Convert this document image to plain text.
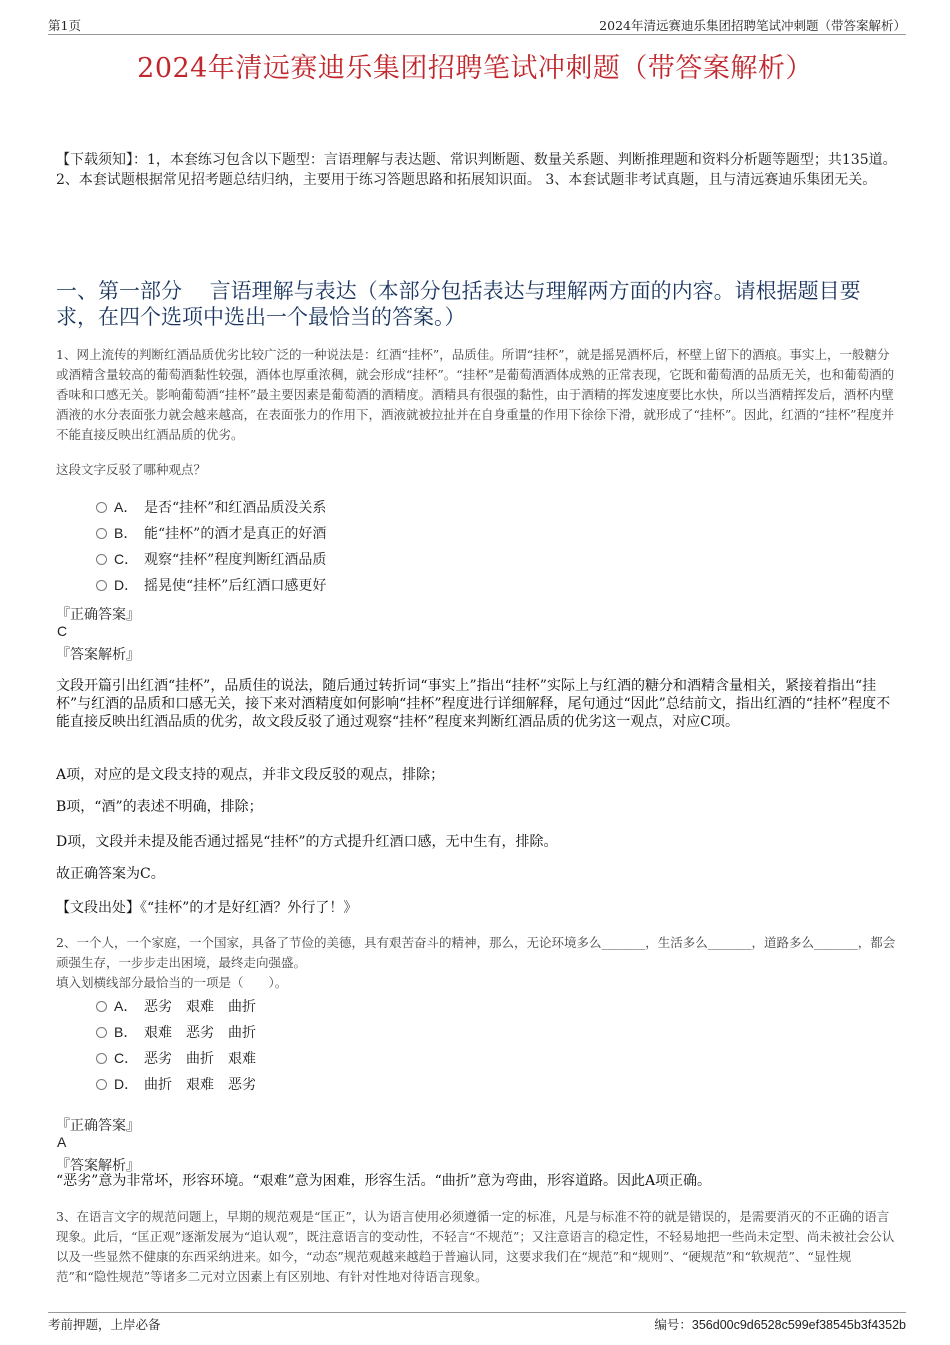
第1页	2024年清远赛迪乐集团招聘笔试冲刺题（带答案解析）
2024年清远赛迪乐集团招聘笔试冲刺题（带答案解析）
【下载须知】：1，本套练习包含以下题型：言语理解与表达题、常识判断题、数量关系题、判断推理题和资料分析题等题型；共135道。 2、本套试题根据常见招考题总结归纳，主要用于练习答题思路和拓展知识面。 3、本套试题非考试真题，且与清远赛迪乐集团无关。
一、第一部分　 言语理解与表达（本部分包括表达与理解两方面的内容。请根据题目要求，在四个选项中选出一个最恰当的答案。）
1、网上流传的判断红酒品质优劣比较广泛的一种说法是：红酒“挂杯”，品质佳。所谓“挂杯”，就是摇晃酒杯后，杯壁上留下的酒痕。事实上，一般糖分或酒精含量较高的葡萄酒黏性较强，酒体也厚重浓稠，就会形成“挂杯”。“挂杯”是葡萄酒酒体成熟的正常表现，它既和葡萄酒的品质无关，也和葡萄酒的香味和口感无关。影响葡萄酒“挂杯”最主要因素是葡萄酒的酒精度。酒精具有很强的黏性，由于酒精的挥发速度要比水快，所以当酒精挥发后，酒杯内壁酒液的水分表面张力就会越来越高，在表面张力的作用下，酒液就被拉扯并在自身重量的作用下徐徐下滑，就形成了“挂杯”。因此，红酒的“挂杯”程度并不能直接反映出红酒品质的优劣。
这段文字反驳了哪种观点？
A． 是否“挂杯”和红酒品质没关系
B． 能“挂杯”的酒才是真正的好酒
C． 观察“挂杯”程度判断红酒品质
D． 摇晃使“挂杯”后红酒口感更好
『正确答案』
C
『答案解析』
文段开篇引出红酒“挂杯”，品质佳的说法，随后通过转折词“事实上”指出“挂杯”实际上与红酒的糖分和酒精含量相关，紧接着指出“挂杯”与红酒的品质和口感无关，接下来对酒精度如何影响“挂杯”程度进行详细解释，尾句通过“因此”总结前文，指出红酒的“挂杯”程度不能直接反映出红酒品质的优劣，故文段反驳了通过观察“挂杯”程度来判断红酒品质的优劣这一观点，对应C项。
A项，对应的是文段支持的观点，并非文段反驳的观点，排除；
B项，“酒”的表述不明确，排除；
D项，文段并未提及能否通过摇晃“挂杯”的方式提升红酒口感，无中生有，排除。
故正确答案为C。
【文段出处】《“挂杯”的才是好红酒？外行了！》
2、一个人，一个家庭，一个国家，具备了节俭的美德，具有艰苦奋斗的精神，那么，无论环境多么_______，生活多么_______，道路多么_______，都会顽强生存，一步步走出困境，最终走向强盛。
填入划横线部分最恰当的一项是（　　）。
A． 恶劣　艰难　曲折
B． 艰难　恶劣　曲折
C． 恶劣　曲折　艰难
D． 曲折　艰难　恶劣
『正确答案』
A
『答案解析』
“恶劣”意为非常坏，形容环境。“艰难”意为困难，形容生活。“曲折”意为弯曲，形容道路。因此A项正确。
3、在语言文字的规范问题上，早期的规范观是“匡正”，认为语言使用必须遵循一定的标准，凡是与标准不符的就是错误的，是需要消灭的不正确的语言现象。此后，“匡正观”逐渐发展为“追认观”，既注意语言的变动性，不轻言“不规范”；又注意语言的稳定性，不轻易地把一些尚未定型、尚未被社会公认以及一些显然不健康的东西采纳进来。如今，“动态”规范观越来越趋于普遍认同，这要求我们在“规范”和“规则”、“硬规范”和“软规范”、“显性规范”和“隐性规范”等诸多二元对立因素上有区别地、有针对性地对待语言现象。
考前押题，上岸必备	编号：356d00c9d6528c599ef38545b3f4352b
